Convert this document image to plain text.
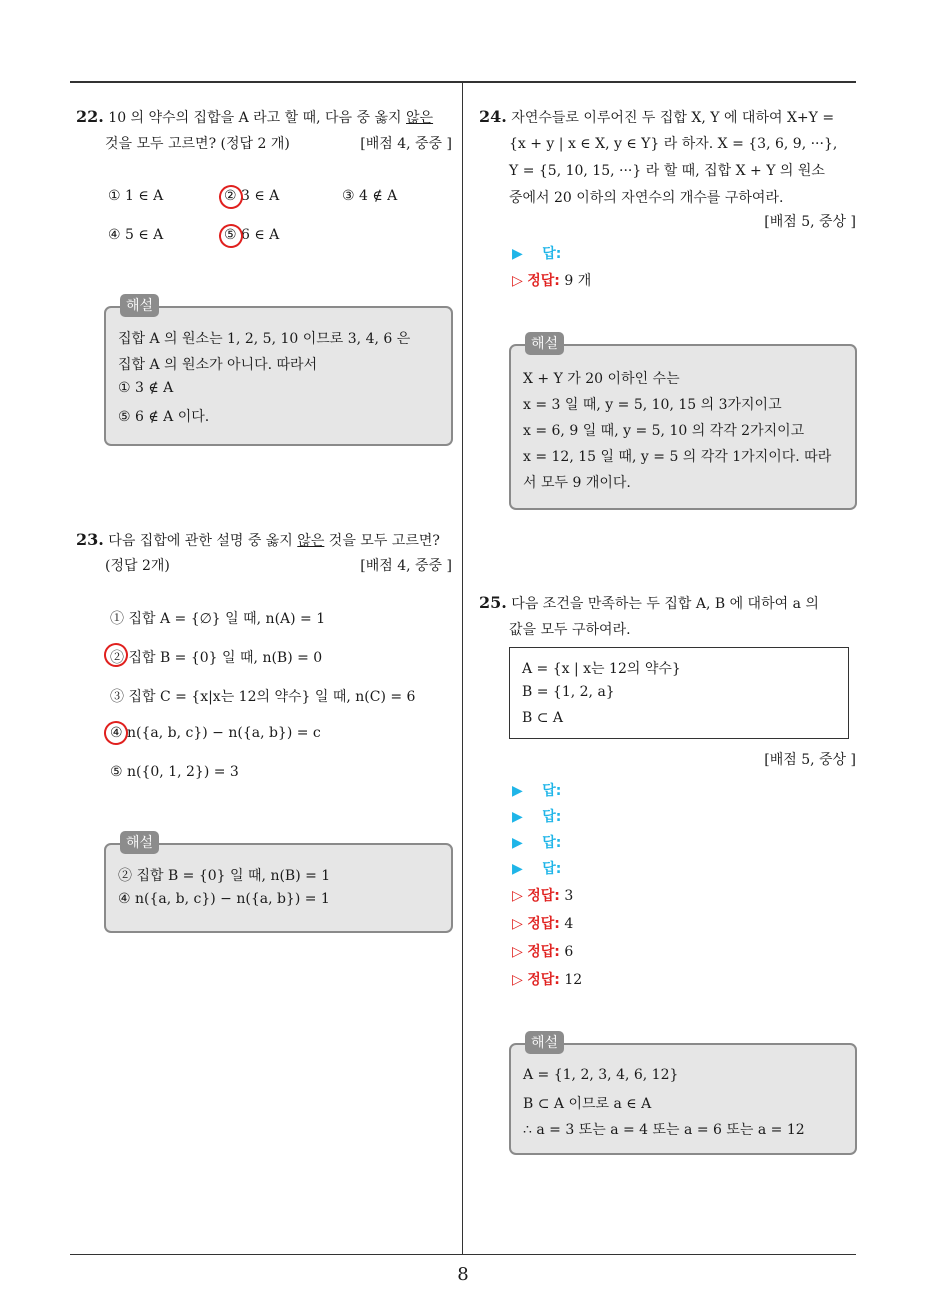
8
22. 10 의 약수의 집합을 A 라고 할 때, 다음 중 옳지 않은
것을 모두 고르면? (정답 2 개)	[배점 4, 중중 ]
① 1 ∈ A	② 3 ∈ A	③ 4 ∉ A
④ 5 ∈ A	⑤ 6 ∈ A
집합 A 의 원소는 1, 2, 5, 10 이므로 3, 4, 6 은
집합 A 의 원소가 아니다. 따라서
① 3 ∉ A
⑤ 6 ∉ A 이다.
해설
23. 다음 집합에 관한 설명 중 옳지 않은 것을 모두 고르면?
(정답 2개)	[배점 4, 중중 ]
① 집합 A = {∅} 일 때, n(A) = 1
② 집합 B = {0} 일 때, n(B) = 0
③ 집합 C = {x|x는 12의 약수} 일 때, n(C) = 6
④ n({a, b, c}) − n({a, b}) = c
⑤ n({0, 1, 2}) = 3
② 집합 B = {0} 일 때, n(B) = 1
④ n({a, b, c}) − n({a, b}) = 1
해설
24. 자연수들로 이루어진 두 집합 X, Y 에 대하여 X+Y =
{x + y | x ∈ X, y ∈ Y} 라 하자. X = {3, 6, 9, ···},
Y = {5, 10, 15, ···} 라 할 때, 집합 X + Y 의 원소
중에서 20 이하의 자연수의 개수를 구하여라.
[배점 5, 중상 ]
▶ 답:
▷ 정답: 9 개
X + Y 가 20 이하인 수는
x = 3 일 때, y = 5, 10, 15 의 3가지이고
x = 6, 9 일 때, y = 5, 10 의 각각 2가지이고
x = 12, 15 일 때, y = 5 의 각각 1가지이다. 따라
서 모두 9 개이다.
해설
25. 다음 조건을 만족하는 두 집합 A, B 에 대하여 a 의
값을 모두 구하여라.
A = {x | x는 12의 약수}
B = {1, 2, a}
B ⊂ A
[배점 5, 중상 ]
▶ 답:
▶ 답:
▶ 답:
▶ 답:
▷ 정답: 3
▷ 정답: 4
▷ 정답: 6
▷ 정답: 12
A = {1, 2, 3, 4, 6, 12}
B ⊂ A 이므로 a ∈ A
∴ a = 3 또는 a = 4 또는 a = 6 또는 a = 12
해설
